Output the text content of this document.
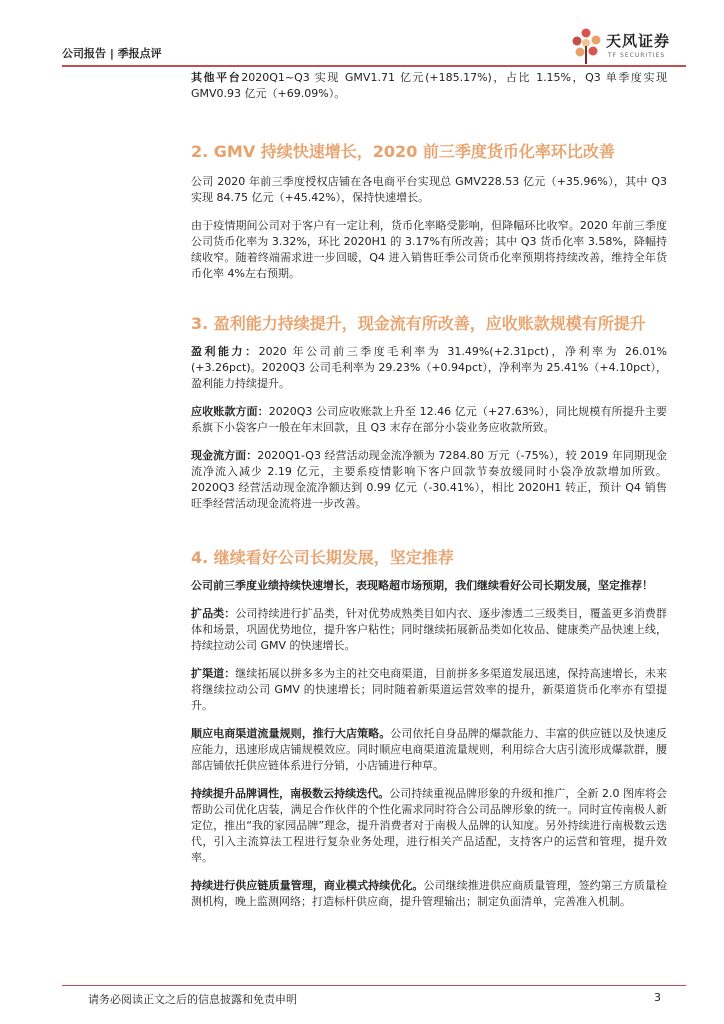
公司报告 | 季报点评
天风证券
TF SECURITIES

其他平台2020Q1~Q3 实现 GMV1.71 亿元(+185.17%)，占比 1.15%，Q3 单季度实现 GMV0.93 亿元（+69.09%）。

2. GMV 持续快速增长，2020 前三季度货币化率环比改善

公司 2020 年前三季度授权店铺在各电商平台实现总 GMV228.53 亿元（+35.96%），其中 Q3 实现 84.75 亿元（+45.42%），保持快速增长。

由于疫情期间公司对于客户有一定让利，货币化率略受影响，但降幅环比收窄。2020 年前三季度公司货币化率为 3.32%，环比 2020H1 的 3.17%有所改善；其中 Q3 货币化率 3.58%，降幅持续收窄。随着终端需求进一步回暖，Q4 进入销售旺季公司货币化率预期将持续改善，维持全年货币化率 4%左右预期。

3. 盈利能力持续提升，现金流有所改善，应收账款规模有所提升

盈利能力：2020 年公司前三季度毛利率为 31.49%(+2.31pct)，净利率为 26.01%(+3.26pct)。2020Q3 公司毛利率为 29.23%（+0.94pct），净利率为 25.41%（+4.10pct），盈利能力持续提升。

应收账款方面：2020Q3 公司应收账款上升至 12.46 亿元（+27.63%），同比规模有所提升主要系旗下小袋客户一般在年末回款，且 Q3 末存在部分小袋业务应收款所致。

现金流方面：2020Q1-Q3 经营活动现金流净额为 7284.80 万元（-75%），较 2019 年同期现金流净流入减少 2.19 亿元，主要系疫情影响下客户回款节奏放缓同时小袋净放款增加所致。2020Q3 经营活动现金流净额达到 0.99 亿元（-30.41%），相比 2020H1 转正，预计 Q4 销售旺季经营活动现金流将进一步改善。

4. 继续看好公司长期发展，坚定推荐

公司前三季度业绩持续快速增长，表现略超市场预期，我们继续看好公司长期发展，坚定推荐！

扩品类：公司持续进行扩品类，针对优势成熟类目如内衣、逐步渗透二三级类目，覆盖更多消费群体和场景，巩固优势地位，提升客户粘性；同时继续拓展新品类如化妆品、健康类产品快速上线，持续拉动公司 GMV 的快速增长。

扩渠道：继续拓展以拼多多为主的社交电商渠道，目前拼多多渠道发展迅速，保持高速增长，未来将继续拉动公司 GMV 的快速增长；同时随着新渠道运营效率的提升，新渠道货币化率亦有望提升。

顺应电商渠道流量规则，推行大店策略。公司依托自身品牌的爆款能力、丰富的供应链以及快速反应能力，迅速形成店铺规模效应。同时顺应电商渠道流量规则，利用综合大店引流形成爆款群，腰部店铺依托供应链体系进行分销，小店铺进行种草。

持续提升品牌调性，南极数云持续迭代。公司持续重视品牌形象的升级和推广，全新 2.0 图库将会帮助公司优化店装，满足合作伙伴的个性化需求同时符合公司品牌形象的统一。同时宣传南极人新定位，推出“我的家园品牌”理念，提升消费者对于南极人品牌的认知度。另外持续进行南极数云迭代，引入主流算法工程进行复杂业务处理，进行相关产品适配，支持客户的运营和管理，提升效率。

持续进行供应链质量管理，商业模式持续优化。公司继续推进供应商质量管理，签约第三方质量检测机构，晚上监测网络；打造标杆供应商，提升管理输出；制定负面清单，完善准入机制。

请务必阅读正文之后的信息披露和免责申明	3
